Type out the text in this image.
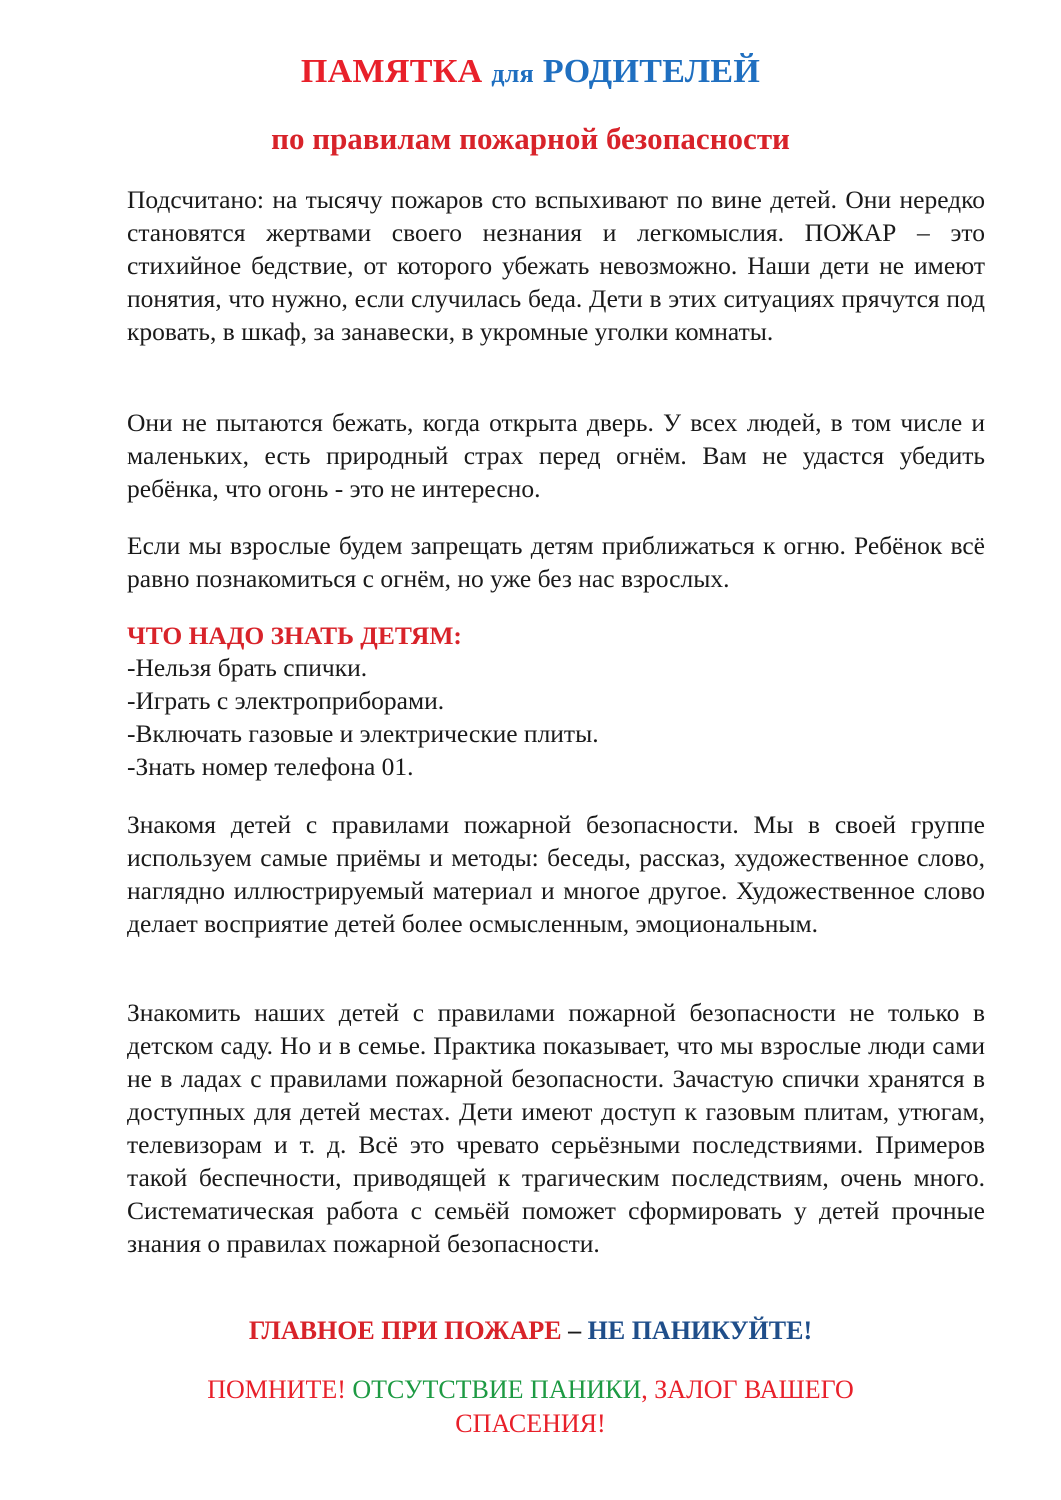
ПАМЯТКА для РОДИТЕЛЕЙ
по правилам пожарной безопасности

Подсчитано: на тысячу пожаров сто вспыхивают по вине детей. Они нередко становятся жертвами своего незнания и легкомыслия. ПОЖАР – это стихийное бедствие, от которого убежать невозможно. Наши дети не имеют понятия, что нужно, если случилась беда. Дети в этих ситуациях прячутся под кровать, в шкаф, за занавески, в укромные уголки комнаты.

Они не пытаются бежать, когда открыта дверь. У всех людей, в том числе и маленьких, есть природный страх перед огнём. Вам не удастся убедить ребёнка, что огонь - это не интересно.

Если мы взрослые будем запрещать детям приближаться к огню. Ребёнок всё равно познакомиться с огнём, но уже без нас взрослых.

ЧТО НАДО ЗНАТЬ ДЕТЯМ:

-Нельзя брать спички.
-Играть с электроприборами.
-Включать газовые и электрические плиты.
-Знать номер телефона 01.

Знакомя детей с правилами пожарной безопасности. Мы в своей группе используем самые приёмы и методы: беседы, рассказ, художественное слово, наглядно иллюстрируемый материал и многое другое. Художественное слово делает восприятие детей более осмысленным, эмоциональным.

Знакомить наших детей с правилами пожарной безопасности не только в детском саду. Но и в семье. Практика показывает, что мы взрослые люди сами не в ладах с правилами пожарной безопасности. Зачастую спички хранятся в доступных для детей местах. Дети имеют доступ к газовым плитам, утюгам, телевизорам и т. д. Всё это чревато серьёзными последствиями. Примеров такой беспечности, приводящей к трагическим последствиям, очень много. Систематическая работа с семьёй поможет сформировать у детей прочные знания о правилах пожарной безопасности.

ГЛАВНОЕ ПРИ ПОЖАРЕ – НЕ ПАНИКУЙТЕ!

ПОМНИТЕ! ОТСУТСТВИЕ ПАНИКИ, ЗАЛОГ ВАШЕГО СПАСЕНИЯ!
